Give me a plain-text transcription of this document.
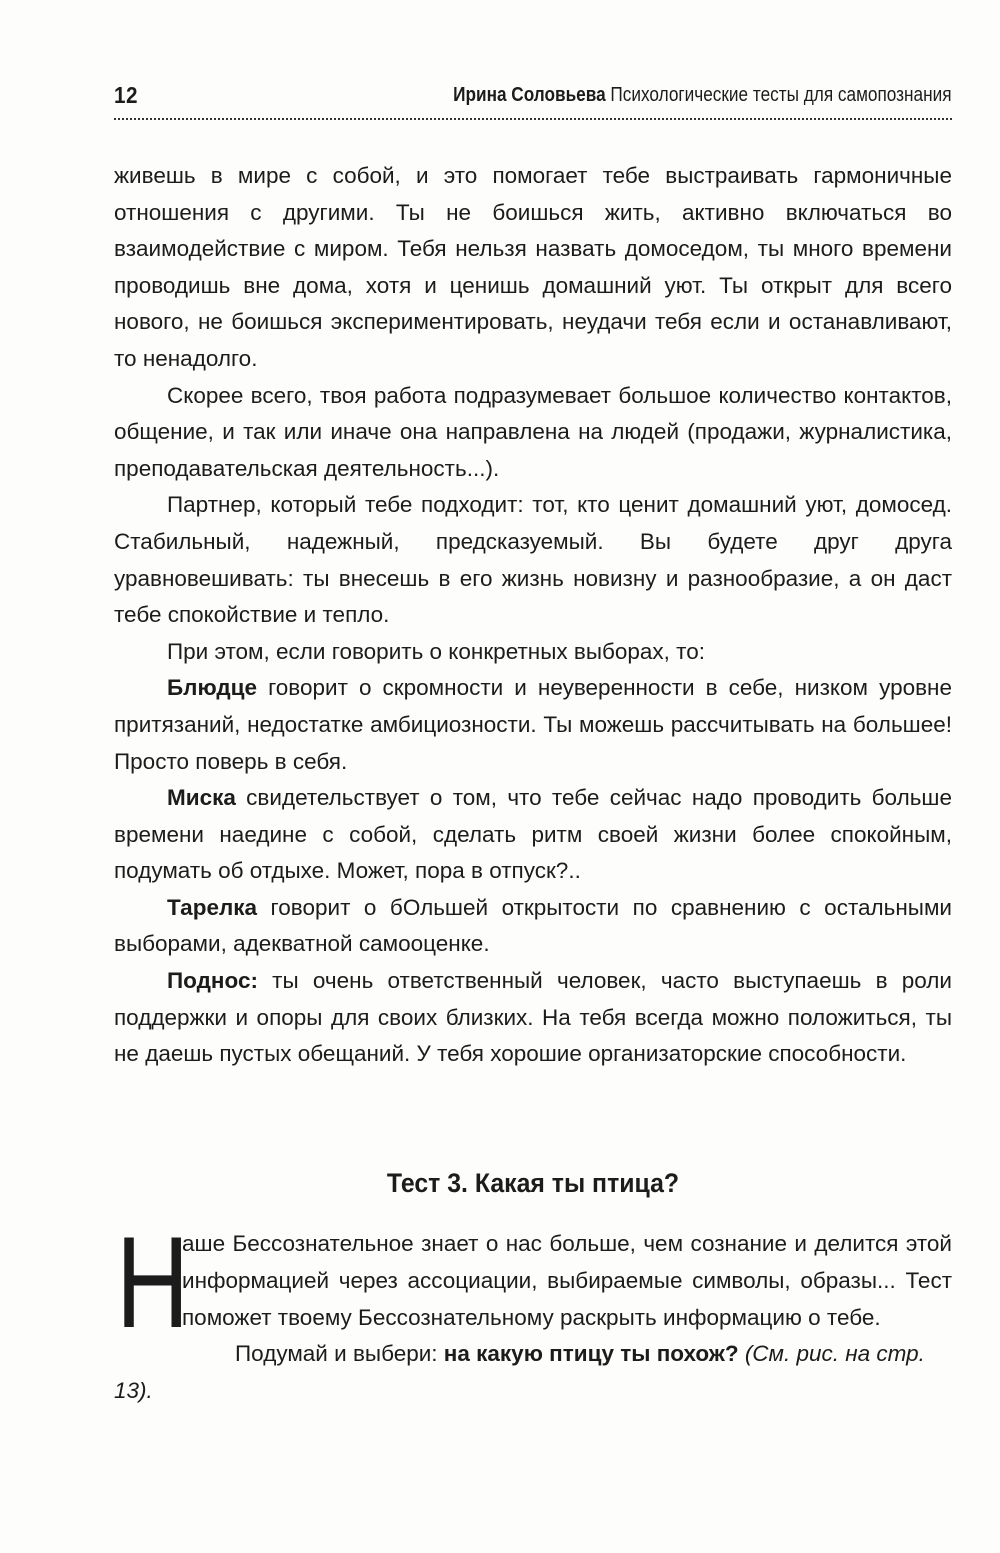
12	Ирина Соловьева Психологические тесты для самопознания

живешь в мире с собой, и это помогает тебе выстраивать гармоничные отношения с другими. Ты не боишься жить, активно включаться во взаимодействие с миром. Тебя нельзя назвать домоседом, ты много времени проводишь вне дома, хотя и ценишь домашний уют. Ты открыт для всего нового, не боишься экспериментировать, неудачи тебя если и останавливают, то ненадолго.

Скорее всего, твоя работа подразумевает большое количество контактов, общение, и так или иначе она направлена на людей (продажи, журналистика, преподавательская деятельность...).

Партнер, который тебе подходит: тот, кто ценит домашний уют, домосед. Стабильный, надежный, предсказуемый. Вы будете друг друга уравновешивать: ты внесешь в его жизнь новизну и разнообразие, а он даст тебе спокойствие и тепло.

При этом, если говорить о конкретных выборах, то:

Блюдце говорит о скромности и неуверенности в себе, низком уровне притязаний, недостатке амбициозности. Ты можешь рассчитывать на большее! Просто поверь в себя.

Миска свидетельствует о том, что тебе сейчас надо проводить больше времени наедине с собой, сделать ритм своей жизни более спокойным, подумать об отдыхе. Может, пора в отпуск?..

Тарелка говорит о бОльшей открытости по сравнению с остальными выборами, адекватной самооценке.

Поднос: ты очень ответственный человек, часто выступаешь в роли поддержки и опоры для своих близких. На тебя всегда можно положиться, ты не даешь пустых обещаний. У тебя хорошие организаторские способности.

Тест 3. Какая ты птица?

Н
аше Бессознательное знает о нас больше, чем сознание и делится этой информацией через ассоциации, выбираемые символы, образы... Тест поможет твоему Бессознательному раскрыть информацию о тебе.

Подумай и выбери: на какую птицу ты похож? (См. рис. на стр. 13).
